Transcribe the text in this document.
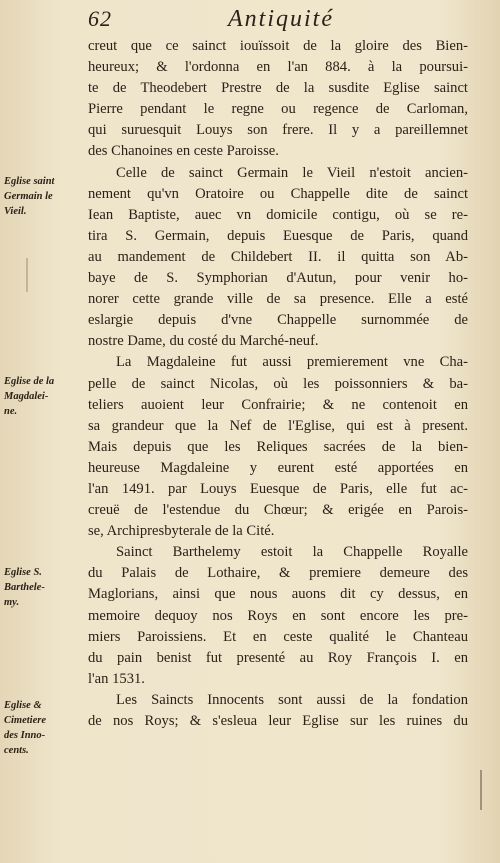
62	Antiquité
creut que ce sainct iouïssoit de la gloire des Bien-
heureux; & l'ordonna en l'an 884. à la poursui-
te de Theodebert Prestre de la susdite Eglise sainct
Pierre pendant le regne ou regence de Carloman,
qui suruesquit Louys son frere. Il y a pareillemnet
des Chanoines en ceste Paroisse.
Celle de sainct Germain le Vieil n'estoit ancien-
nement qu'vn Oratoire ou Chappelle dite de sainct
Iean Baptiste, auec vn domicile contigu, où se re-
tira S. Germain, depuis Euesque de Paris, quand
au mandement de Childebert II. il quitta son Ab-
baye de S. Symphorian d'Autun, pour venir ho-
norer cette grande ville de sa presence. Elle a esté
eslargie depuis d'vne Chappelle surnommée de
nostre Dame, du costé du Marché-neuf.
La Magdaleine fut aussi premierement vne Cha-
pelle de sainct Nicolas, où les poissonniers & ba-
teliers auoient leur Confrairie; & ne contenoit en
sa grandeur que la Nef de l'Eglise, qui est à present.
Mais depuis que les Reliques sacrées de la bien-
heureuse Magdaleine y eurent esté apportées en
l'an 1491. par Louys Euesque de Paris, elle fut ac-
creuë de l'estendue du Chœur; & erigée en Parois-
se, Archipresbyterale de la Cité.
Sainct Barthelemy estoit la Chappelle Royalle
du Palais de Lothaire, & premiere demeure des
Maglorians, ainsi que nous auons dit cy dessus, en
memoire dequoy nos Roys en sont encore les pre-
miers Paroissiens. Et en ceste qualité le Chanteau
du pain benist fut presenté au Roy François I. en
l'an 1531.
Les Saincts Innocents sont aussi de la fondation
de nos Roys; & s'esleua leur Eglise sur les ruines du
Eglise saint
Germain le
Vieil.
Eglise de la
Magdalei-
ne.
Eglise S.
Barthele-
my.
Eglise &
Cimetiere
des Inno-
cents.
